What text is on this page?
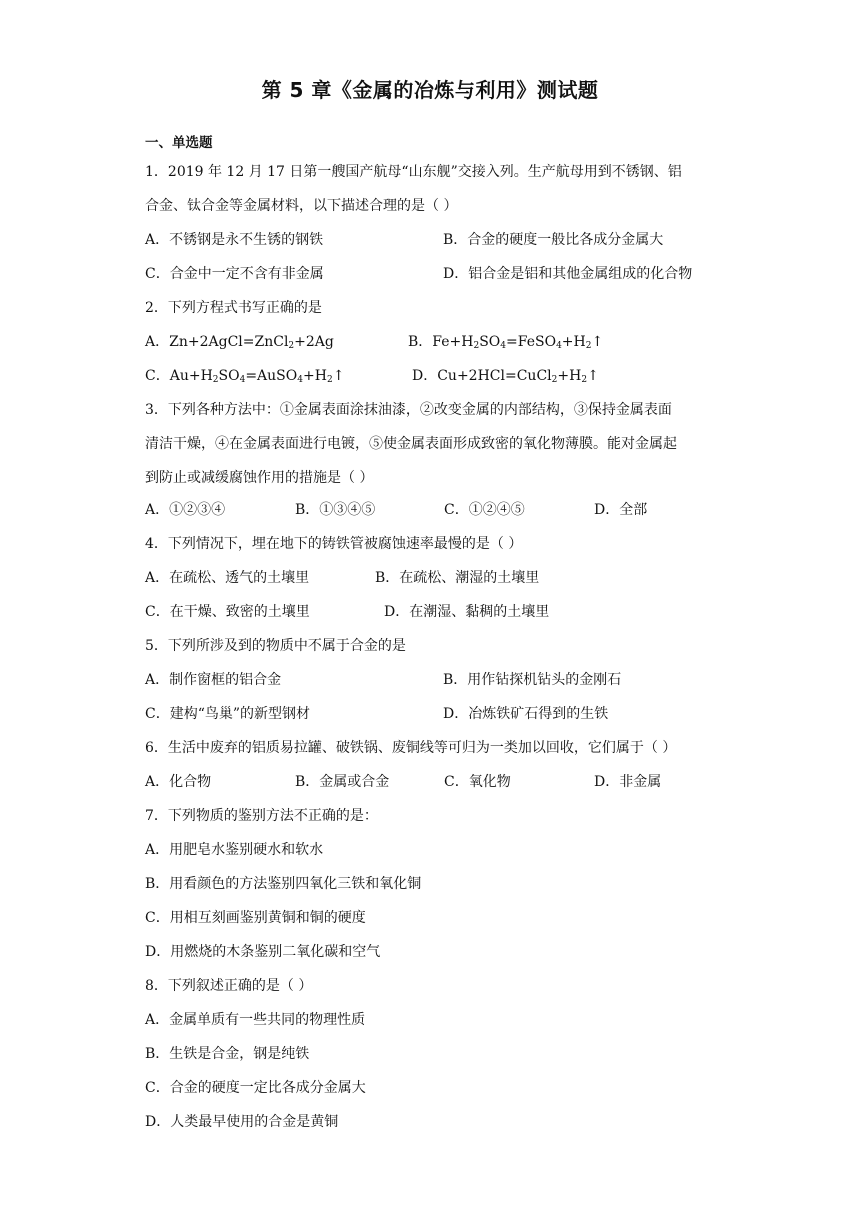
第 5 章《金属的冶炼与利用》测试题
一、单选题
1．2019 年 12 月 17 日第一艘国产航母“山东舰”交接入列。生产航母用到不锈钢、铝
合金、钛合金等金属材料，以下描述合理的是（ ）
A．不锈钢是永不生锈的钢铁	B．合金的硬度一般比各成分金属大
C．合金中一定不含有非金属	D．铝合金是铝和其他金属组成的化合物
2．下列方程式书写正确的是
A．Zn+2AgCl=ZnCl$_2$+2Ag	B．$Fe+H_2SO_4=FeSO_4+H_2↑$
C．$Au+H_2SO_4=AuSO_4+H_2↑$	D．$Cu+2HCl=CuCl_2+H_2↑$
3．下列各种方法中：①金属表面涂抹油漆，②改变金属的内部结构，③保持金属表面
清洁干燥，④在金属表面进行电镀，⑤使金属表面形成致密的氧化物薄膜。能对金属起
到防止或减缓腐蚀作用的措施是（ ）
A．①②③④	B．①③④⑤	C．①②④⑤	D．全部
4．下列情况下，埋在地下的铸铁管被腐蚀速率最慢的是（ ）
A．在疏松、透气的土壤里	B．在疏松、潮湿的土壤里
C．在干燥、致密的土壤里	D．在潮湿、黏稠的土壤里
5．下列所涉及到的物质中不属于合金的是
A．制作窗框的铝合金	B．用作钻探机钻头的金刚石
C．建构“鸟巢”的新型钢材	D．冶炼铁矿石得到的生铁
6．生活中废弃的铝质易拉罐、破铁锅、废铜线等可归为一类加以回收，它们属于（ ）
A．化合物	B．金属或合金	C．氧化物	D．非金属
7．下列物质的鉴别方法不正确的是：
A．用肥皂水鉴别硬水和软水
B．用看颜色的方法鉴别四氧化三铁和氧化铜
C．用相互刻画鉴别黄铜和铜的硬度
D．用燃烧的木条鉴别二氧化碳和空气
8．下列叙述正确的是（ ）
A．金属单质有一些共同的物理性质
B．生铁是合金，钢是纯铁
C．合金的硬度一定比各成分金属大
D．人类最早使用的合金是黄铜
